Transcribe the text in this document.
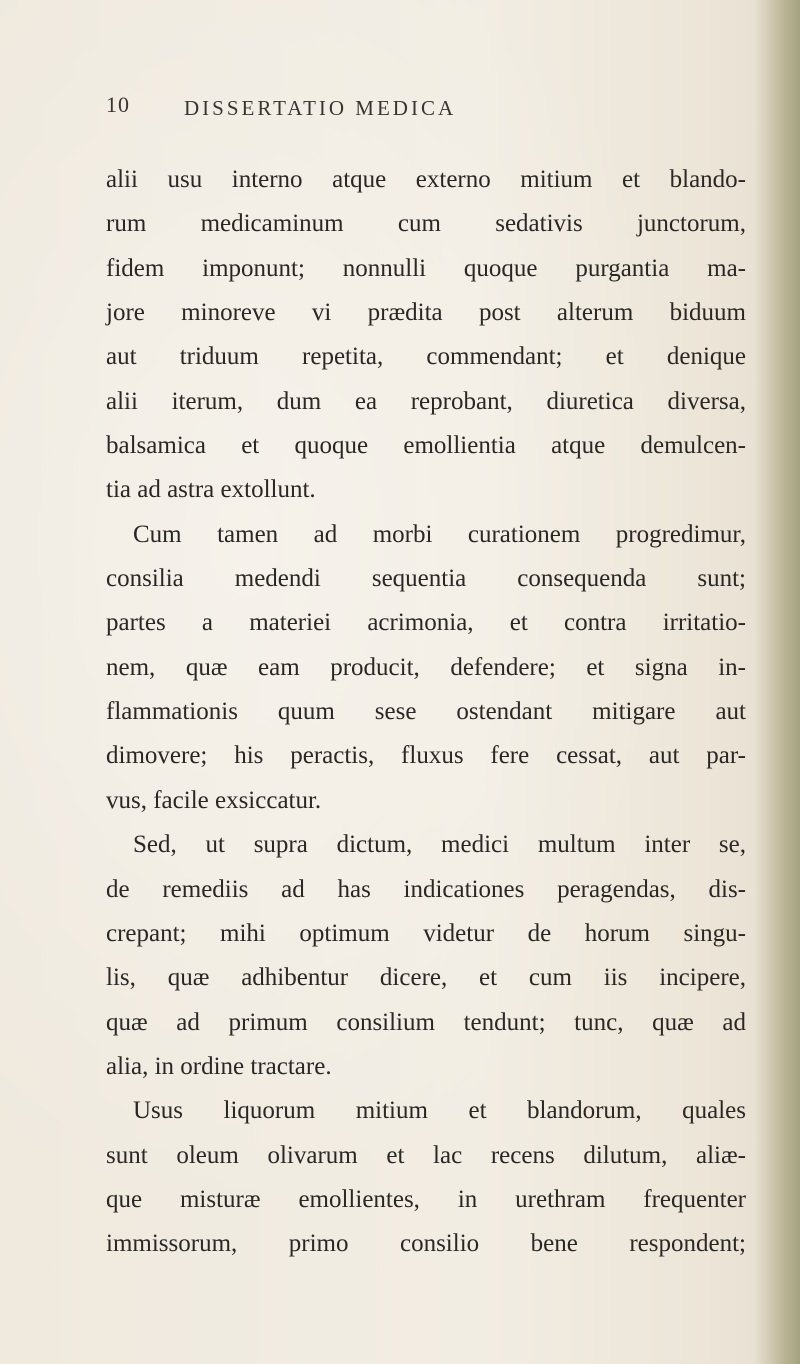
10	DISSERTATIO MEDICA

alii usu interno atque externo mitium et blando-
rum medicaminum cum sedativis junctorum,
fidem imponunt; nonnulli quoque purgantia ma-
jore minoreve vi prædita post alterum biduum
aut triduum repetita, commendant; et denique
alii iterum, dum ea reprobant, diuretica diversa,
balsamica et quoque emollientia atque demulcen-
tia ad astra extollunt.
Cum tamen ad morbi curationem progredimur,
consilia medendi sequentia consequenda sunt;
partes a materiei acrimonia, et contra irritatio-
nem, quæ eam producit, defendere; et signa in-
flammationis quum sese ostendant mitigare aut
dimovere; his peractis, fluxus fere cessat, aut par-
vus, facile exsiccatur.
Sed, ut supra dictum, medici multum inter se,
de remediis ad has indicationes peragendas, dis-
crepant; mihi optimum videtur de horum singu-
lis, quæ adhibentur dicere, et cum iis incipere,
quæ ad primum consilium tendunt; tunc, quæ ad
alia, in ordine tractare.
Usus liquorum mitium et blandorum, quales
sunt oleum olivarum et lac recens dilutum, aliæ-
que misturæ emollientes, in urethram frequenter
immissorum, primo consilio bene respondent;
